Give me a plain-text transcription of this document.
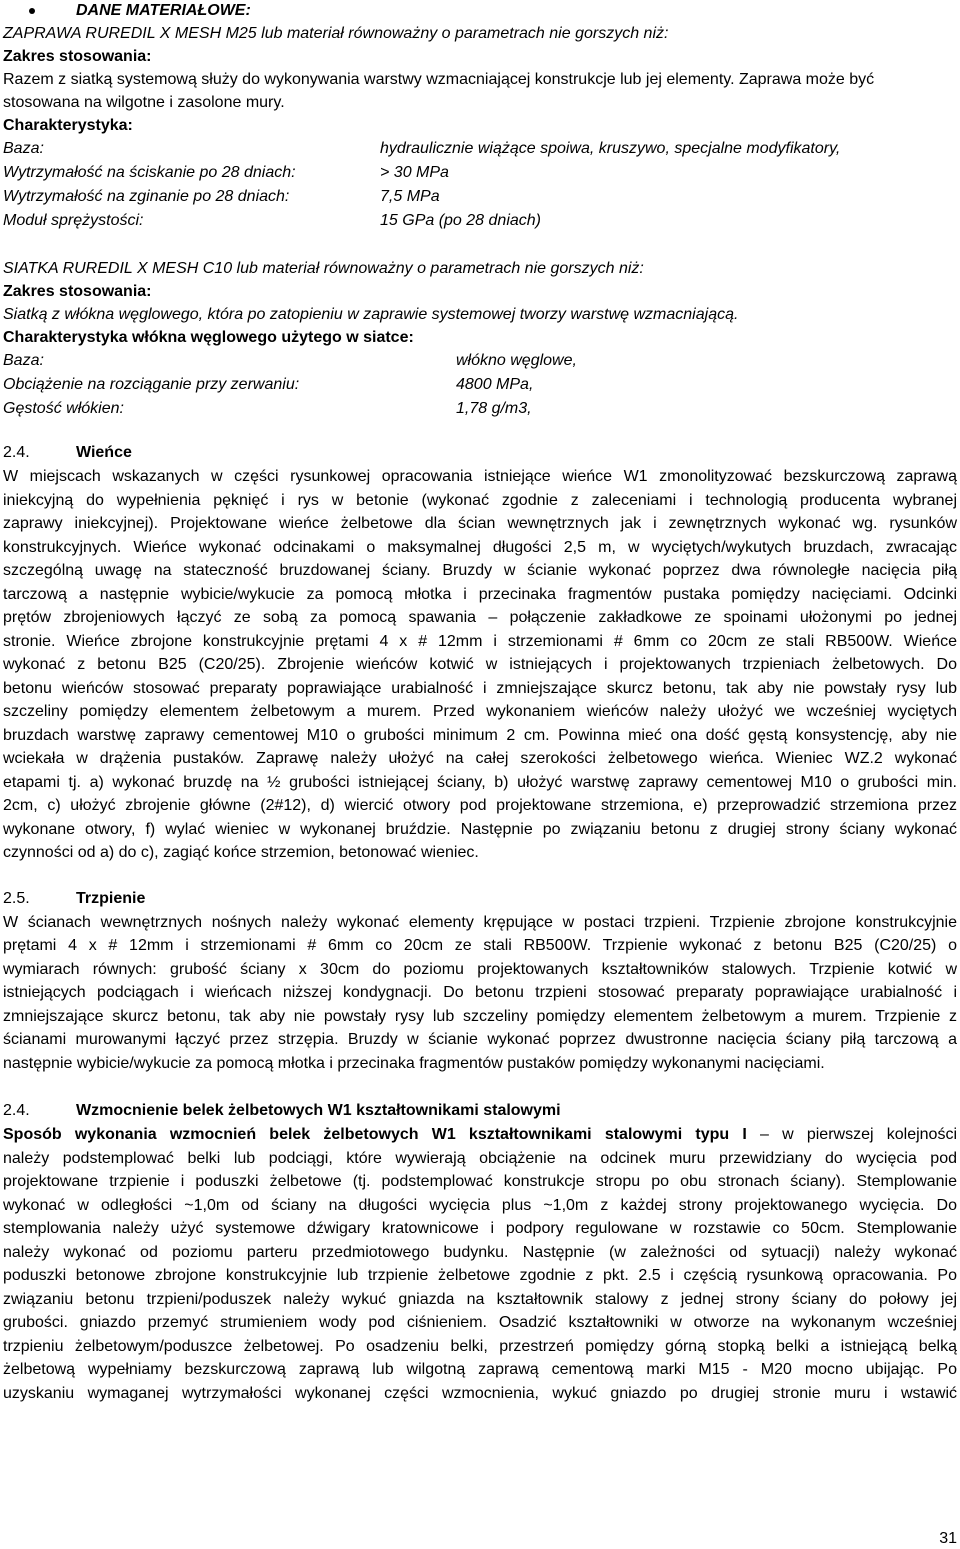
DANE MATERIAŁOWE:
ZAPRAWA RUREDIL X MESH M25 lub materiał równoważny o parametrach nie gorszych niż:
Zakres stosowania:
Razem z siatką systemową służy do wykonywania warstwy wzmacniającej konstrukcje lub jej elementy. Zaprawa może być
stosowana na wilgotne i zasolone mury.
Charakterystyka:
Baza:	hydraulicznie wiążące spoiwa, kruszywo, specjalne modyfikatory,
Wytrzymałość na ściskanie po 28 dniach:	> 30 MPa
Wytrzymałość na zginanie po 28 dniach:	7,5 MPa
Moduł sprężystości:	15 GPa (po 28 dniach)
SIATKA RUREDIL X MESH C10 lub materiał równoważny o parametrach nie gorszych niż:
Zakres stosowania:
Siatką z włókna węglowego, która po zatopieniu w zaprawie systemowej tworzy warstwę wzmacniającą.
Charakterystyka włókna węglowego użytego w siatce:
Baza:	włókno węglowe,
Obciążenie na rozciąganie przy zerwaniu:	4800 MPa,
Gęstość włókien:	1,78 g/m3,
2.4.	Wieńce
W miejscach wskazanych w części rysunkowej opracowania istniejące wieńce W1 zmonolityzować bezskurczową zaprawą
iniekcyjną do wypełnienia pęknięć i rys w betonie (wykonać zgodnie z zaleceniami i technologią producenta wybranej
zaprawy iniekcyjnej). Projektowane wieńce żelbetowe dla ścian wewnętrznych jak i zewnętrznych wykonać wg. rysunków
konstrukcyjnych. Wieńce wykonać odcinakami o maksymalnej długości 2,5 m, w wyciętych/wykutych bruzdach, zwracając
szczególną uwagę na stateczność bruzdowanej ściany. Bruzdy w ścianie wykonać poprzez dwa równoległe nacięcia piłą
tarczową a następnie wybicie/wykucie za pomocą młotka i przecinaka fragmentów pustaka pomiędzy nacięciami. Odcinki
prętów zbrojeniowych łączyć ze sobą za pomocą spawania – połączenie zakładkowe ze spoinami ułożonymi po jednej
stronie. Wieńce zbrojone konstrukcyjnie prętami 4 x # 12mm i strzemionami # 6mm co 20cm ze stali RB500W. Wieńce
wykonać z betonu B25 (C20/25). Zbrojenie wieńców kotwić w istniejących i projektowanych trzpieniach żelbetowych. Do
betonu wieńców stosować preparaty poprawiające urabialność i zmniejszające skurcz betonu, tak aby nie powstały rysy lub
szczeliny pomiędzy elementem żelbetowym a murem. Przed wykonaniem wieńców należy ułożyć we wcześniej wyciętych
bruzdach warstwę zaprawy cementowej M10 o grubości minimum 2 cm. Powinna mieć ona dość gęstą konsystencję, aby nie
wciekała w drążenia pustaków. Zaprawę należy ułożyć na całej szerokości żelbetowego wieńca. Wieniec WZ.2 wykonać
etapami tj. a) wykonać bruzdę na ½ grubości istniejącej ściany, b) ułożyć warstwę zaprawy cementowej M10 o grubości min.
2cm, c) ułożyć zbrojenie główne (2#12), d) wiercić otwory pod projektowane strzemiona, e) przeprowadzić strzemiona przez
wykonane otwory, f) wylać wieniec w wykonanej bruździe. Następnie po związaniu betonu z drugiej strony ściany wykonać
czynności od a) do c), zagiąć końce strzemion, betonować wieniec.
2.5.	Trzpienie
W ścianach wewnętrznych nośnych należy wykonać elementy krępujące w postaci trzpieni. Trzpienie zbrojone konstrukcyjnie
prętami 4 x # 12mm i strzemionami # 6mm co 20cm ze stali RB500W. Trzpienie wykonać z betonu B25 (C20/25) o
wymiarach równych: grubość ściany x 30cm do poziomu projektowanych kształtowników stalowych. Trzpienie kotwić w
istniejących podciągach i wieńcach niższej kondygnacji. Do betonu trzpieni stosować preparaty poprawiające urabialność i
zmniejszające skurcz betonu, tak aby nie powstały rysy lub szczeliny pomiędzy elementem żelbetowym a murem. Trzpienie z
ścianami murowanymi łączyć przez strzępia. Bruzdy w ścianie wykonać poprzez dwustronne nacięcia ściany piłą tarczową a
następnie wybicie/wykucie za pomocą młotka i przecinaka fragmentów pustaków pomiędzy wykonanymi nacięciami.
2.4.	Wzmocnienie belek żelbetowych W1 kształtownikami stalowymi
Sposób wykonania wzmocnień belek żelbetowych W1 kształtownikami stalowymi typu I – w pierwszej kolejności
należy podstemplować belki lub podciągi, które wywierają obciążenie na odcinek muru przewidziany do wycięcia pod
projektowane trzpienie i poduszki żelbetowe (tj. podstemplować konstrukcje stropu po obu stronach ściany). Stemplowanie
wykonać w odległości ~1,0m od ściany na długości wycięcia plus ~1,0m z każdej strony projektowanego wycięcia. Do
stemplowania należy użyć systemowe dźwigary kratownicowe i podpory regulowane w rozstawie co 50cm. Stemplowanie
należy wykonać od poziomu parteru przedmiotowego budynku. Następnie (w zależności od sytuacji) należy wykonać
poduszki betonowe zbrojone konstrukcyjnie lub trzpienie żelbetowe zgodnie z pkt. 2.5 i częścią rysunkową opracowania. Po
związaniu betonu trzpieni/poduszek należy wykuć gniazda na kształtownik stalowy z jednej strony ściany do połowy jej
grubości. gniazdo przemyć strumieniem wody pod ciśnieniem. Osadzić kształtowniki w otworze na wykonanym wcześniej
trzpieniu żelbetowym/poduszce żelbetowej. Po osadzeniu belki, przestrzeń pomiędzy górną stopką belki a istniejącą belką
żelbetową wypełniamy bezskurczową zaprawą lub wilgotną zaprawą cementową marki M15 - M20 mocno ubijając. Po
uzyskaniu wymaganej wytrzymałości wykonanej części wzmocnienia, wykuć gniazdo po drugiej stronie muru i wstawić
31
